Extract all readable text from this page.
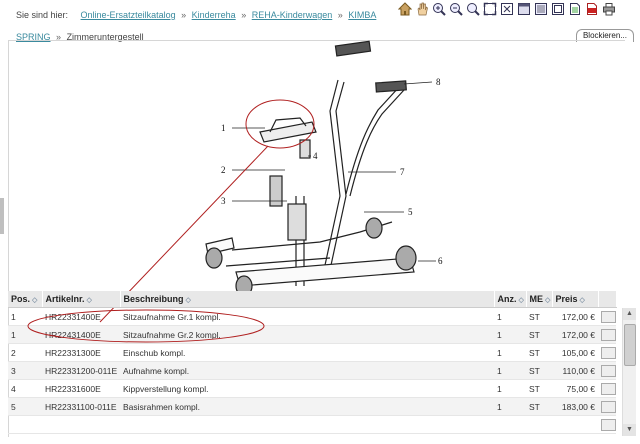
Sie sind hier: Online-Ersatzteilkatalog » Kinderreha » REHA-Kinderwagen » KIMBA
SPRING » Zimmeruntergestell	Blockieren...
1
2
3
4
5
6
7
8
Pos. ◇	Artikelnr. ◇	Beschreibung ◇	Anz. ◇	ME ◇	Preis ◇	
1	HR22331400E	Sitzaufnahme Gr.1 kompl.	1	ST	172,00 €	
1	HR22431400E	Sitzaufnahme Gr.2 kompl.	1	ST	172,00 €	
2	HR22331300E	Einschub kompl.	1	ST	105,00 €	
3	HR22331200-011E	Aufnahme kompl.	1	ST	110,00 €	
4	HR22331600E	Kippverstellung kompl.	1	ST	75,00 €	
5	HR22331100-011E	Basisrahmen kompl.	1	ST	183,00 €	

▲
▼
